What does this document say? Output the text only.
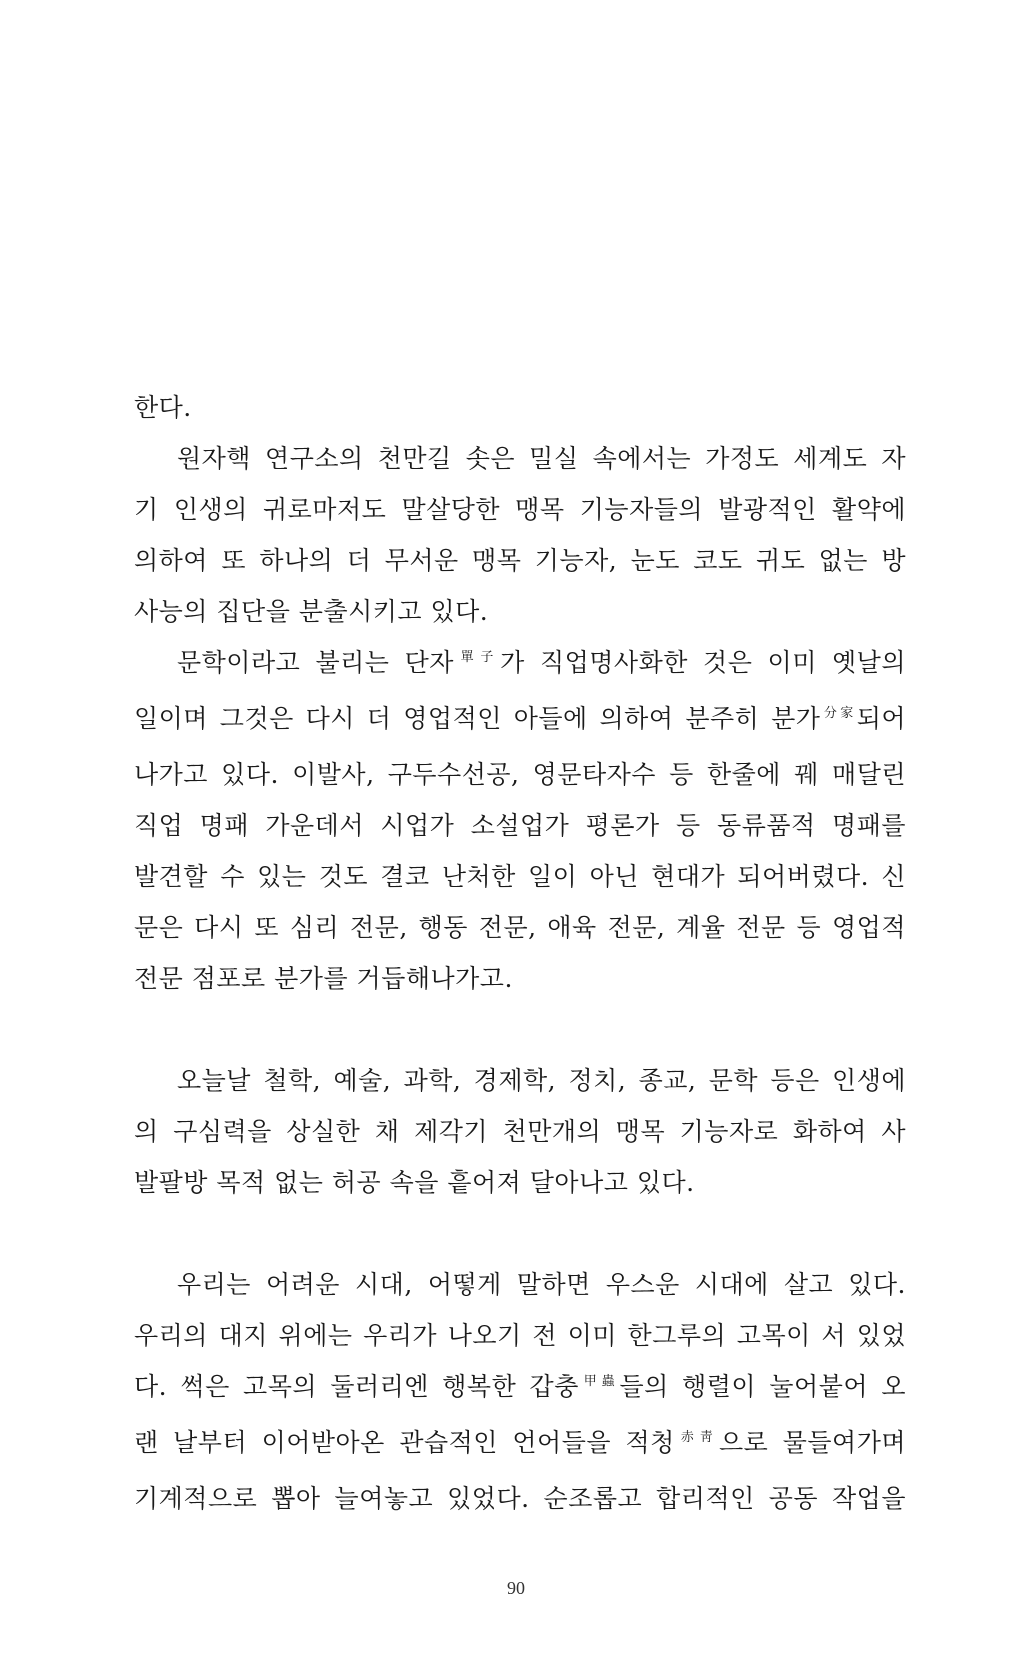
한다.

원자핵 연구소의 천만길 솟은 밀실 속에서는 가정도 세계도 자
기 인생의 귀로마저도 말살당한 맹목 기능자들의 발광적인 활약에
의하여 또 하나의 더 무서운 맹목 기능자, 눈도 코도 귀도 없는 방
사능의 집단을 분출시키고 있다.

문학이라고 불리는 단자$^{單子}$가 직업명사화한 것은 이미 옛날의
일이며 그것은 다시 더 영업적인 아들에 의하여 분주히 분가$^{分家}$되어
나가고 있다. 이발사, 구두수선공, 영문타자수 등 한줄에 꿰 매달린
직업 명패 가운데서 시업가 소설업가 평론가 등 동류품적 명패를
발견할 수 있는 것도 결코 난처한 일이 아닌 현대가 되어버렸다. 신
문은 다시 또 심리 전문, 행동 전문, 애육 전문, 계율 전문 등 영업적
전문 점포로 분가를 거듭해나가고.

오늘날 철학, 예술, 과학, 경제학, 정치, 종교, 문학 등은 인생에
의 구심력을 상실한 채 제각기 천만개의 맹목 기능자로 화하여 사
발팔방 목적 없는 허공 속을 흩어져 달아나고 있다.

우리는 어려운 시대, 어떻게 말하면 우스운 시대에 살고 있다.
우리의 대지 위에는 우리가 나오기 전 이미 한그루의 고목이 서 있었
다. 썩은 고목의 둘러리엔 행복한 갑충$^{甲蟲}$들의 행렬이 눌어붙어 오
랜 날부터 이어받아온 관습적인 언어들을 적청$^{赤靑}$으로 물들여가며
기계적으로 뽑아 늘여놓고 있었다. 순조롭고 합리적인 공동 작업을

90
